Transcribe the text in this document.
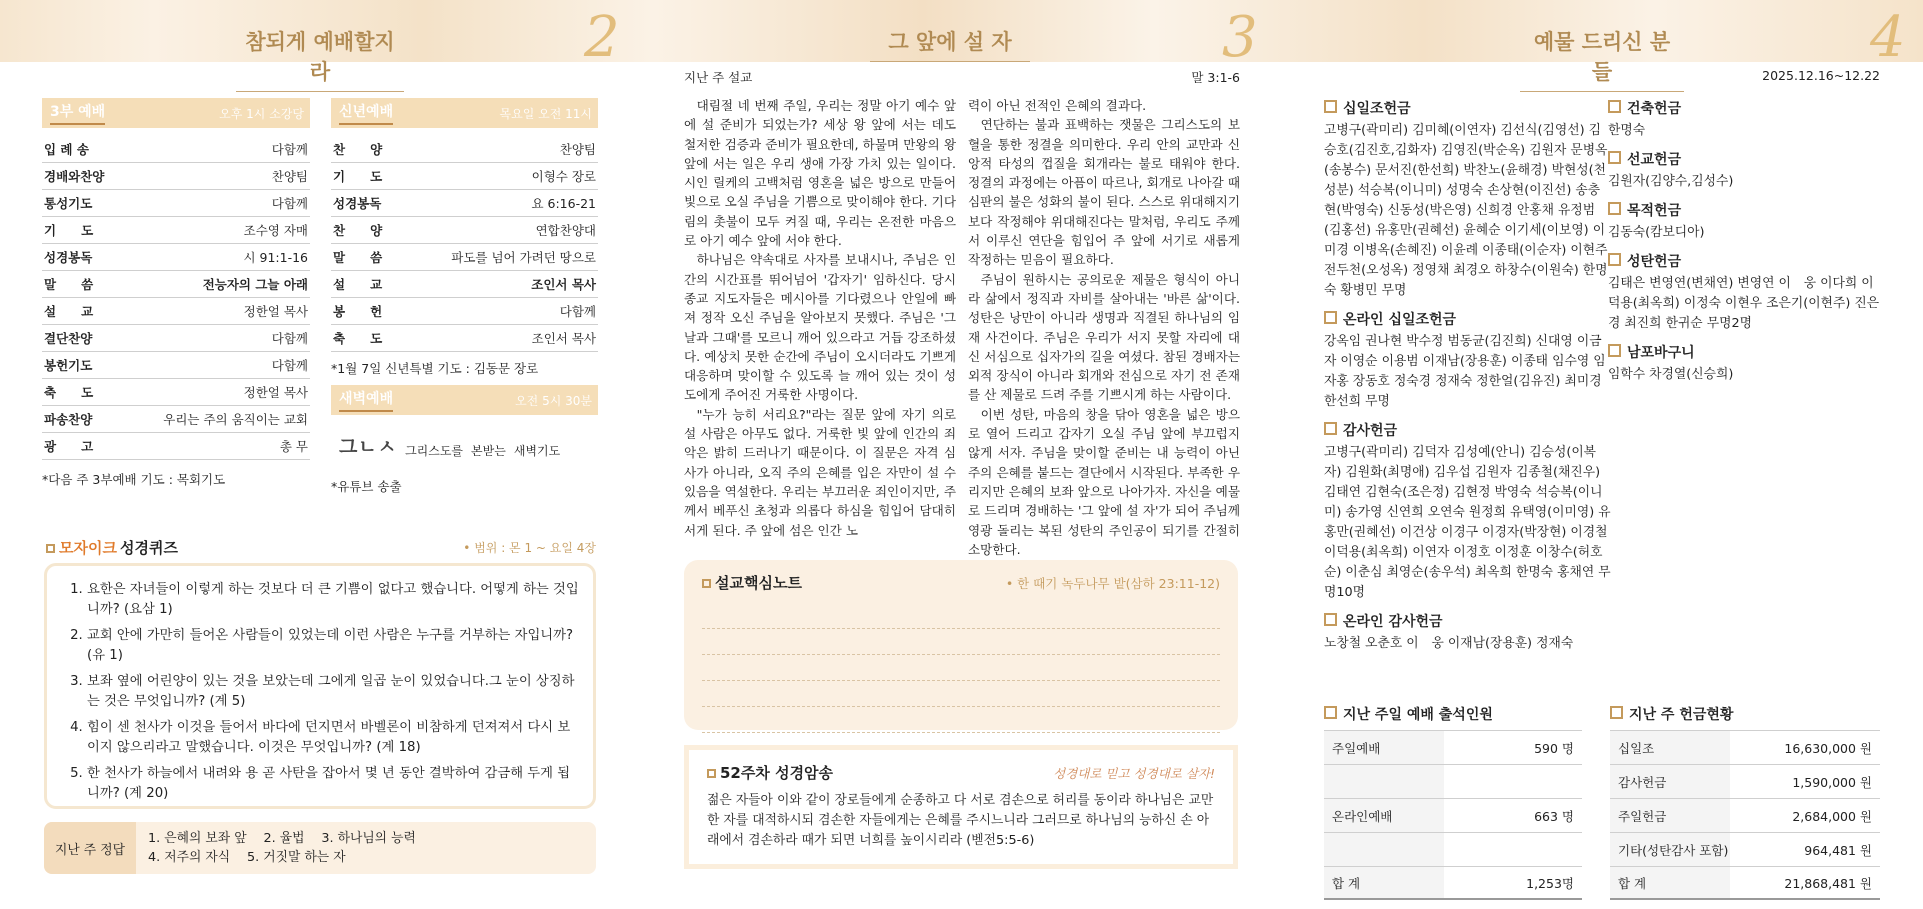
참되게 예배할지라
2	그 앞에 설 자	3	예물 드리신 분들
4
3부 예배	오후 1시 소강당
입 례 송	다함께
경배와찬양	찬양팀
통성기도	다함께
기　　도	조수영 자매
성경봉독	시 91:1-16
말　　씀	전능자의 그늘 아래
설　　교	정한얼 목사
결단찬양	다함께
봉헌기도	다함께
축　　도	정한얼 목사
파송찬양	우리는 주의 움직이는 교회
광　　고	총 무
*다음 주 3부예배 기도 : 목회기도
신년예배	목요일 오전 11시
찬　　양	찬양팀
기　　도	이형수 장로
성경봉독	요 6:16-21
찬　　양	연합찬양대
말　　씀	파도를 넘어 가려던 땅으로
설　　교	조인서 목사
봉　　헌	다함께
축　　도	조인서 목사
*1월 7일 신년특별 기도 : 김동문 장로
새벽예배	오전 5시 30분
그ㄴㅅ 그리스도를 본받는 새벽기도
*유튜브 송출
모자이크 성경퀴즈	• 범위 : 몬 1 ~ 요일 4장
1. 요한은 자녀들이 이렇게 하는 것보다 더 큰 기쁨이 없다고 했습니다. 어떻게 하는 것입니까? (요삼 1)
2. 교회 안에 가만히 들어온 사람들이 있었는데 이런 사람은 누구를 거부하는 자입니까? (유 1)
3. 보좌 옆에 어린양이 있는 것을 보았는데 그에게 일곱 눈이 있었습니다.그 눈이 상징하는 것은 무엇입니까? (계 5)
4. 힘이 센 천사가 이것을 들어서 바다에 던지면서 바벨론이 비참하게 던져져서 다시 보이지 않으리라고 말했습니다. 이것은 무엇입니까? (계 18)
5. 한 천사가 하늘에서 내려와 용 곧 사탄을 잡아서 몇 년 동안 결박하여 감금해 두게 됩니까? (계 20)
지난 주 정답
1. 은혜의 보좌 앞　 2. 율법　 3. 하나님의 능력
4. 저주의 자식　 5. 거짓말 하는 자
지난 주 설교	말 3:1-6

대림절 네 번째 주일, 우리는 정말 아기 예수 앞에 설 준비가 되었는가? 세상 왕 앞에 서는 데도 철저한 검증과 준비가 필요한데, 하물며 만왕의 왕 앞에 서는 일은 우리 생애 가장 가치 있는 일이다. 시인 릴케의 고백처럼 영혼을 넓은 방으로 만들어 빛으로 오실 주님을 기쁨으로 맞이해야 한다. 기다림의 촛불이 모두 켜질 때, 우리는 온전한 마음으로 아기 예수 앞에 서야 한다.

하나님은 약속대로 사자를 보내시나, 주님은 인간의 시간표를 뛰어넘어 '갑자기' 임하신다. 당시 종교 지도자들은 메시아를 기다렸으나 안일에 빠져 정작 오신 주님을 알아보지 못했다. 주님은 '그날과 그때'를 모르니 깨어 있으라고 거듭 강조하셨다. 예상치 못한 순간에 주님이 오시더라도 기쁘게 대응하며 맞이할 수 있도록 늘 깨어 있는 것이 성도에게 주어진 거룩한 사명이다.

"누가 능히 서리요?"라는 질문 앞에 자기 의로 설 사람은 아무도 없다. 거룩한 빛 앞에 인간의 죄악은 밝히 드러나기 때문이다. 이 질문은 자격 심사가 아니라, 오직 주의 은혜를 입은 자만이 설 수 있음을 역설한다. 우리는 부끄러운 죄인이지만, 주께서 베푸신 초청과 의롭다 하심을 힘입어 담대히 서게 된다. 주 앞에 섬은 인간 노

력이 아닌 전적인 은혜의 결과다.

연단하는 불과 표백하는 잿물은 그리스도의 보혈을 통한 정결을 의미한다. 우리 안의 교만과 신앙적 타성의 껍질을 회개라는 불로 태워야 한다. 정결의 과정에는 아픔이 따르나, 회개로 나아갈 때 심판의 불은 성화의 불이 된다. 스스로 위대해지기보다 작정해야 위대해진다는 말처럼, 우리도 주께서 이루신 연단을 힘입어 주 앞에 서기로 새롭게 작정하는 믿음이 필요하다.

주님이 원하시는 공의로운 제물은 형식이 아니라 삶에서 정직과 자비를 살아내는 '바른 삶'이다. 성탄은 낭만이 아니라 생명과 직결된 하나님의 임재 사건이다. 주님은 우리가 서지 못할 자리에 대신 서심으로 십자가의 길을 여셨다. 참된 경배자는 외적 장식이 아니라 회개와 전심으로 자기 전 존재를 산 제물로 드려 주를 기쁘시게 하는 사람이다.

이번 성탄, 마음의 창을 닦아 영혼을 넓은 방으로 열어 드리고 갑자기 오실 주님 앞에 부끄럽지 않게 서자. 주님을 맞이할 준비는 내 능력이 아닌 주의 은혜를 붙드는 결단에서 시작된다. 부족한 우리지만 은혜의 보좌 앞으로 나아가자. 자신을 예물로 드리며 경배하는 '그 앞에 설 자'가 되어 주님께 영광 돌리는 복된 성탄의 주인공이 되기를 간절히 소망한다.

설교핵심노트	• 한 때기 녹두나무 밭(삼하 23:11-12)
52주차 성경암송	성경대로 믿고 성경대로 살자!
젊은 자들아 이와 같이 장로들에게 순종하고 다 서로 겸손으로 허리를 동이라 하나님은 교만한 자를 대적하시되 겸손한 자들에게는 은혜를 주시느니라 그러므로 하나님의 능하신 손 아래에서 겸손하라 때가 되면 너희를 높이시리라 (벧전5:5-6)
2025.12.16~12.22
십일조헌금
고병구(곽미리) 김미혜(이연자) 김선식(김영선) 김승호(김진호,김화자) 김영진(박순옥) 김원자 문병옥(송봉수) 문서진(한선희) 박찬노(윤해경) 박현성(천성분) 석승복(이니미) 성명숙 손상현(이진선) 송충현(박영숙) 신동성(박은영) 신희경 안홍채 유정범(김홍선) 유홍만(권혜선) 윤혜순 이기세(이보영) 이미경 이병옥(손혜진) 이윤례 이종태(이순자) 이현주 전두천(오성옥) 정영채 최경오 하창수(이원숙) 한명숙 황병민 무명
온라인 십일조헌금
강옥임 권나현 박수정 범동균(김진희) 신대영 이금자 이영순 이용범 이재남(장용훈) 이종태 임수영 임자홍 장동호 정숙경 정재숙 정한얼(김유진) 최미경 한선희 무명
감사헌금
고병구(곽미리) 김덕자 김성예(안니) 김승성(이복자) 김원화(최명애) 김우섭 김원자 김종철(채진우) 김태연 김현숙(조은정) 김현정 박영숙 석승복(이니미) 송가영 신연희 오연숙 원정희 유택영(이미영) 유홍만(권혜선) 이건상 이경구 이경자(박장현) 이경철 이덕용(최옥희) 이연자 이정호 이정훈 이창수(허호순) 이춘심 최영순(송우석) 최옥희 한명숙 홍채연 무명10명
온라인 감사헌금
노창철 오춘호 이　웅 이재남(장용훈) 정재숙
건축헌금
한명숙
선교헌금
김원자(김양수,김성수)
목적헌금
김동숙(캄보디아)
성탄헌금
김태은 변영연(변채연) 변영연 이　웅 이다희 이덕용(최옥희) 이정숙 이현우 조은기(이현주) 진은경 최진희 한귀순 무명2명
남포바구니
임학수 차경열(신승희)
지난 주일 예배 출석인원
주일예배	590 명
온라인예배	663 명
합 계	1,253명
지난 주 헌금현황
십일조	16,630,000 원
감사헌금	1,590,000 원
주일헌금	2,684,000 원
기타(성탄감사 포함)	964,481 원
합 계	21,868,481 원
